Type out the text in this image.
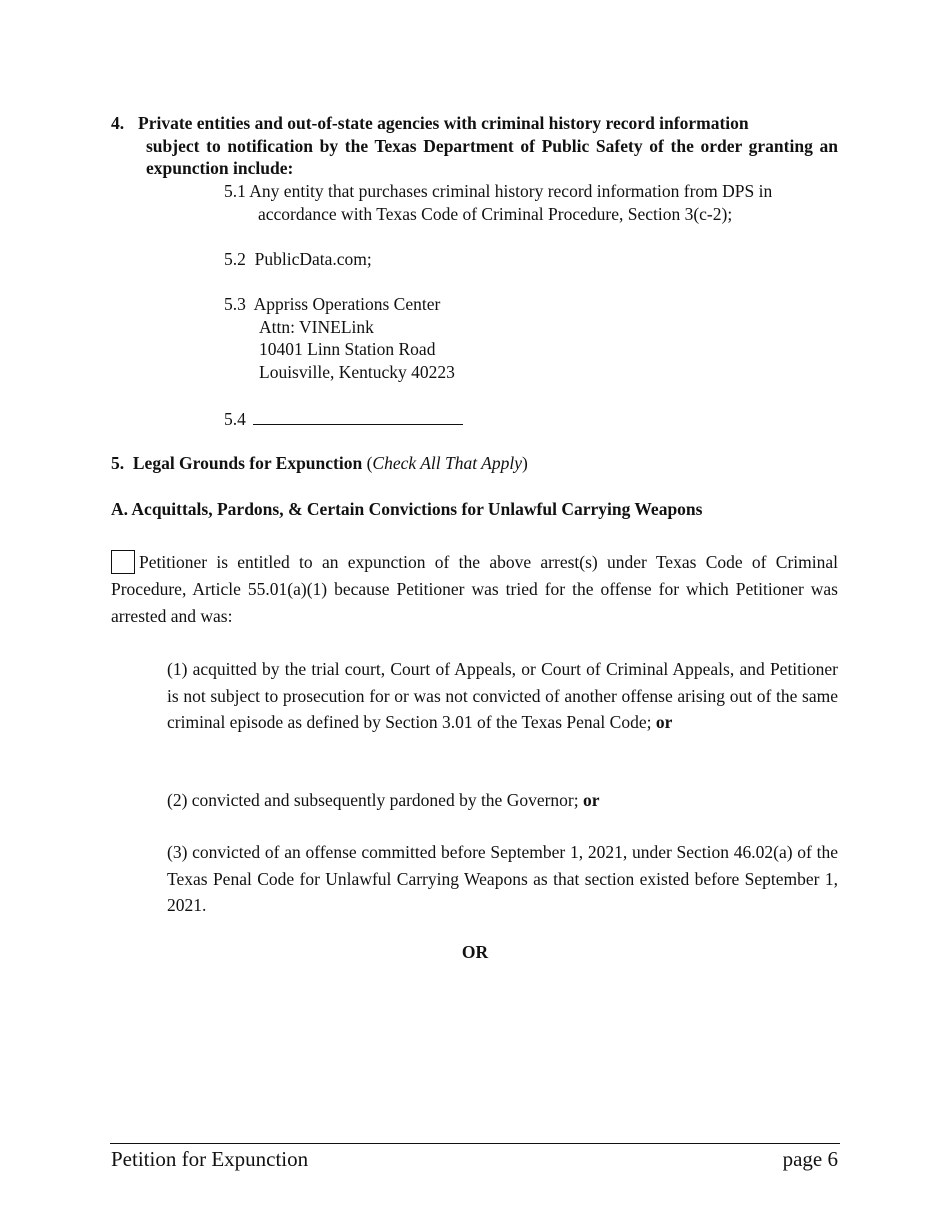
4. Private entities and out-of-state agencies with criminal history record information
subject to notification by the Texas Department of Public Safety of the order granting an expunction include:
5.1 Any entity that purchases criminal history record information from DPS in
accordance with Texas Code of Criminal Procedure, Section 3(c-2);
5.2 PublicData.com;
5.3 Appriss Operations Center
Attn: VINELink
10401 Linn Station Road
Louisville, Kentucky 40223
5.4
5. Legal Grounds for Expunction (Check All That Apply)
A. Acquittals, Pardons, & Certain Convictions for Unlawful Carrying Weapons
Petitioner is entitled to an expunction of the above arrest(s) under Texas Code of Criminal Procedure, Article 55.01(a)(1) because Petitioner was tried for the offense for which Petitioner was arrested and was:
(1) acquitted by the trial court, Court of Appeals, or Court of Criminal Appeals, and Petitioner is not subject to prosecution for or was not convicted of another offense arising out of the same criminal episode as defined by Section 3.01 of the Texas Penal Code; or
(2) convicted and subsequently pardoned by the Governor; or
(3) convicted of an offense committed before September 1, 2021, under Section 46.02(a) of the Texas Penal Code for Unlawful Carrying Weapons as that section existed before September 1, 2021.
OR
Petition for Expunction	page 6
